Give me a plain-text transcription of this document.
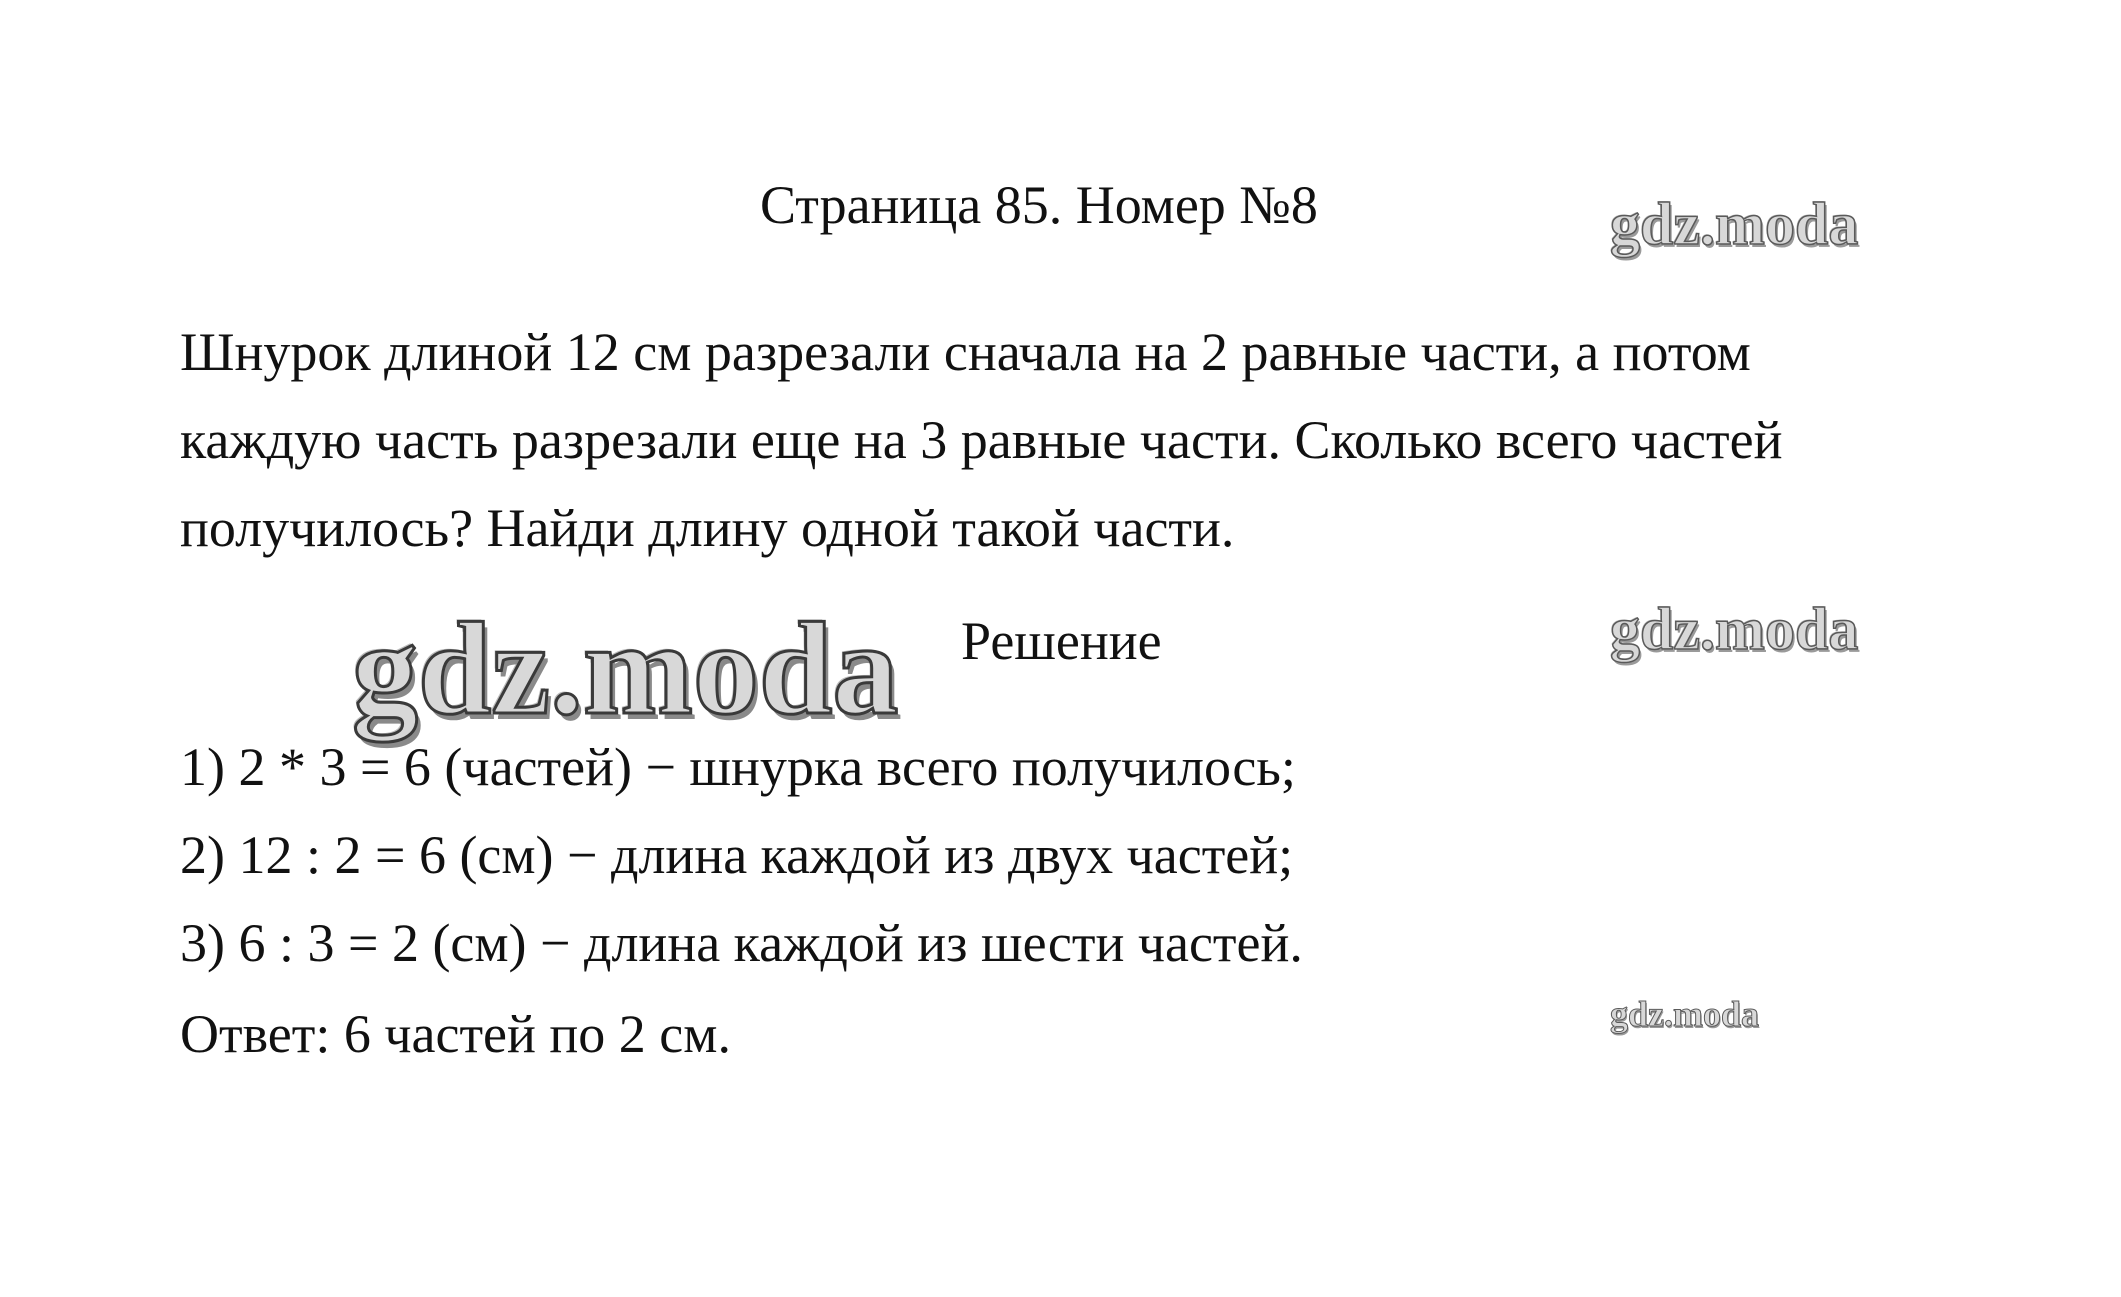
Страница 85. Номер №8	gdz.moda
Шнурок длиной 12 см разрезали сначала на 2 равные части, а потом
каждую часть разрезали еще на 3 равные части. Сколько всего частей
получилось? Найди длину одной такой части.
gdz.moda Решение	gdz.moda
1) 2 * 3 = 6 (частей) − шнурка всего получилось;
2) 12 : 2 = 6 (см) − длина каждой из двух частей;
3) 6 : 3 = 2 (см) − длина каждой из шести частей.
Ответ: 6 частей по 2 см.	gdz.moda
